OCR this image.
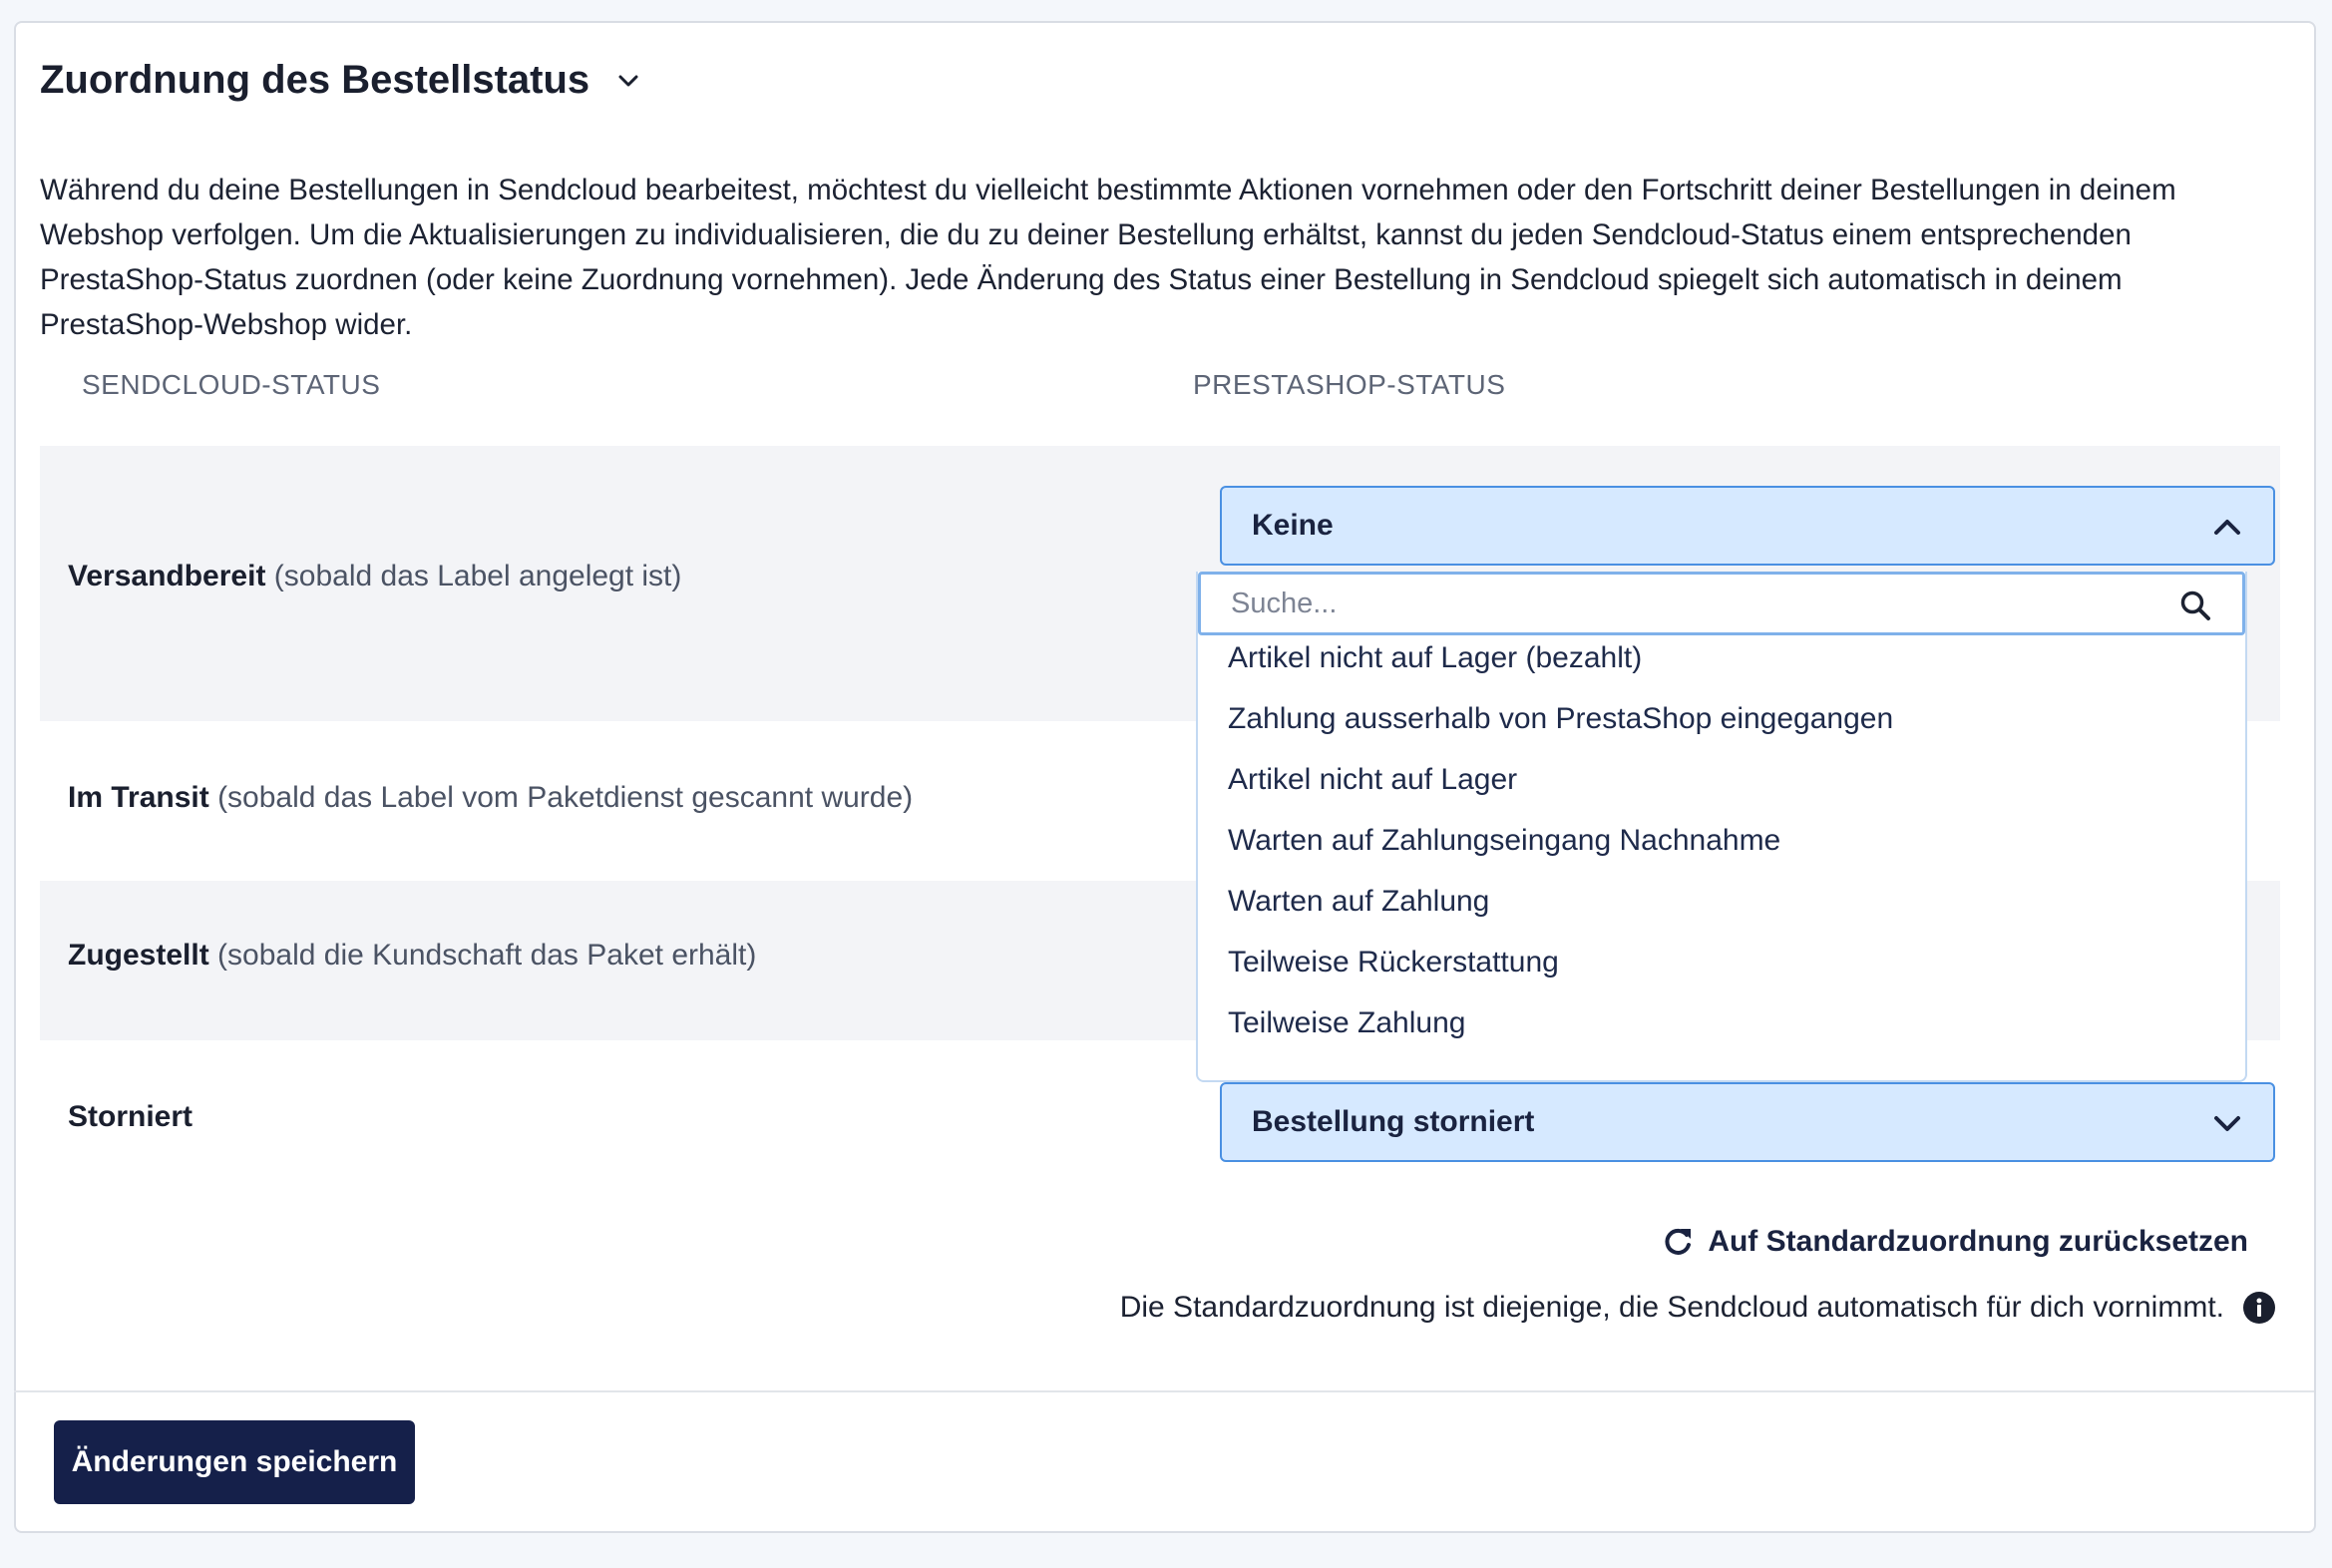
Zuordnung des Bestellstatus
Während du deine Bestellungen in Sendcloud bearbeitest, möchtest du vielleicht bestimmte Aktionen vornehmen oder den Fortschritt deiner Bestellungen in deinem Webshop verfolgen. Um die Aktualisierungen zu individualisieren, die du zu deiner Bestellung erhältst, kannst du jeden Sendcloud-Status einem entsprechenden PrestaShop-Status zuordnen (oder keine Zuordnung vornehmen). Jede Änderung des Status einer Bestellung in Sendcloud spiegelt sich automatisch in deinem PrestaShop-Webshop wider.
SENDCLOUD-STATUS	PRESTASHOP-STATUS
Versandbereit (sobald das Label angelegt ist)
Keine
Im Transit (sobald das Label vom Paketdienst gescannt wurde)
Zugestellt (sobald die Kundschaft das Paket erhält)
Storniert	Bestellung storniert
Artikel nicht auf Lager (bezahlt)
Zahlung ausserhalb von PrestaShop eingegangen
Artikel nicht auf Lager
Warten auf Zahlungseingang Nachnahme
Warten auf Zahlung
Teilweise Rückerstattung
Teilweise Zahlung
Suche...
Auf Standardzuordnung zurücksetzen
Die Standardzuordnung ist diejenige, die Sendcloud automatisch für dich vornimmt.
Änderungen speichern
